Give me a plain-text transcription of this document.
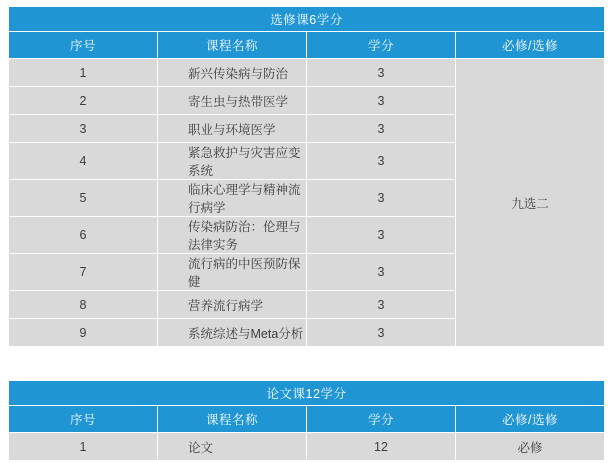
选修课6学分			
序号	课程名称	学分	必修/选修
1	新兴传染病与防治	3	九选二
2	寄生虫与热带医学	3	
3	职业与环境医学	3	
4	紧急救护与灾害应变系统	3	
5	临床心理学与精神流行病学	3	
6	传染病防治：伦理与法律实务	3	
7	流行病的中医预防保健	3	
8	营养流行病学	3	
9	系统综述与Meta分析	3	
论文课12学分			
序号	课程名称	学分	必修/选修
1	论文	12	必修
